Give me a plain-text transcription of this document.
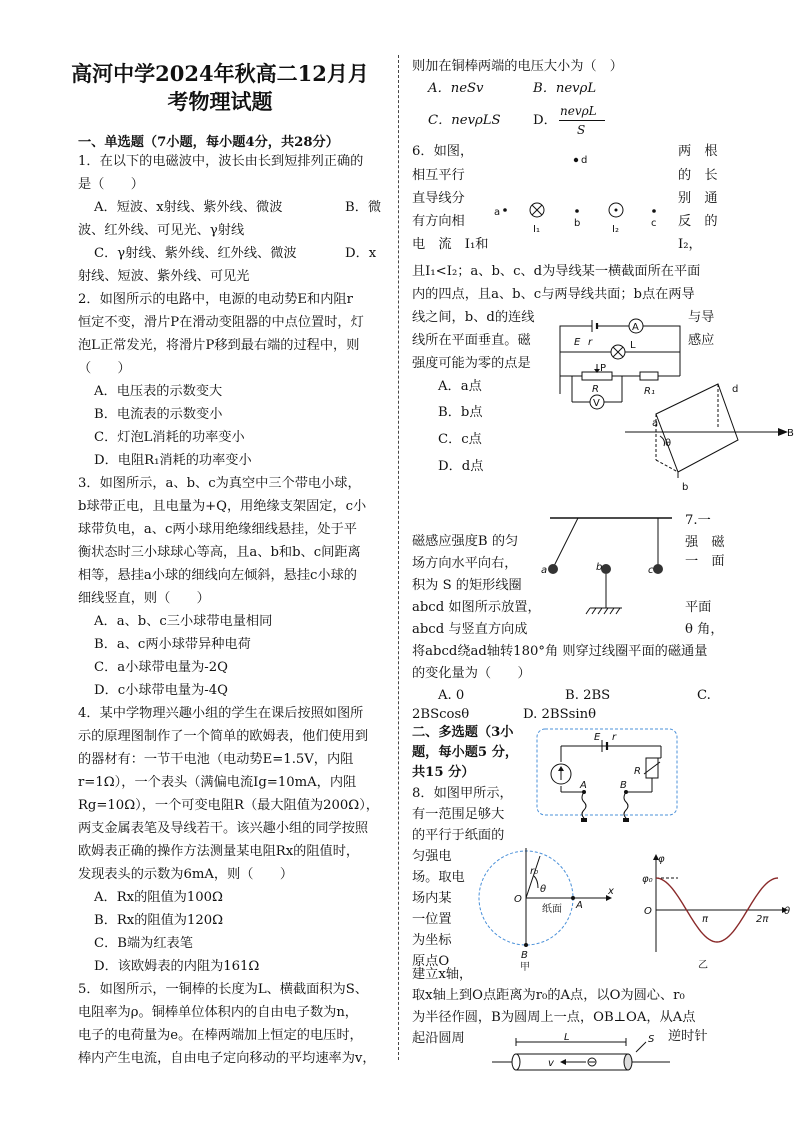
高河中学2024年秋高二12月月
考物理试题
一、单选题（7小题，每小题4分，共28分）
1．在以下的电磁波中，波长由长到短排列正确的
是（　　）
A．短波、x射线、紫外线、微波	B．微
波、红外线、可见光、γ射线
C．γ射线、紫外线、红外线、微波	D．x
射线、短波、紫外线、可见光
2．如图所示的电路中，电源的电动势E和内阻r
恒定不变，滑片P在滑动变阻器的中点位置时，灯
泡L正常发光，将滑片P移到最右端的过程中，则
（　　）
A．电压表的示数变大
B．电流表的示数变小
C．灯泡L消耗的功率变小
D．电阻R₁消耗的功率变小
3．如图所示，a、b、c为真空中三个带电小球，
b球带正电，且电量为+Q，用绝缘支架固定，c小
球带负电，a、c两小球用绝缘细线悬挂，处于平
衡状态时三小球球心等高，且a、b和b、c间距离
相等，悬挂a小球的细线向左倾斜，悬挂c小球的
细线竖直，则（　　）
A．a、b、c三小球带电量相同
B．a、c两小球带异种电荷
C．a小球带电量为-2Q
D．c小球带电量为-4Q
4．某中学物理兴趣小组的学生在课后按照如图所
示的原理图制作了一个简单的欧姆表，他们使用到
的器材有：一节干电池（电动势E=1.5V，内阻
r=1Ω），一个表头（满偏电流Ig=10mA，内阻
Rg=10Ω），一个可变电阻R（最大阻值为200Ω），
两支金属表笔及导线若干。该兴趣小组的同学按照
欧姆表正确的操作方法测量某电阻Rx的阻值时，
发现表头的示数为6mA，则（　　）
A．Rx的阻值为100Ω
B．Rx的阻值为120Ω
C．B端为红表笔
D．该欧姆表的内阻为161Ω
5．如图所示，一铜棒的长度为L、横截面积为S、
电阻率为ρ。铜棒单位体积内的自由电子数为n，
电子的电荷量为e。在棒两端加上恒定的电压时，
棒内产生电流，自由电子定向移动的平均速率为v，
则加在铜棒两端的电压大小为（　）
A．neSv	B．nevρL
C．nevρLS D．
nevρL
S
6．如图，	两　根
相互平行	的　长
直导线分	别　通
有方向相	反　的
电　流　I₁和	I₂，
且I₁<I₂；a、b、c、d为导线某一横截面所在平面
内的四点，且a、b、c与两导线共面；b点在两导
线之间，b、d的连线	与导
线所在平面垂直。磁	感应
强度可能为零的点是
A．a点
B．b点
C．c点
D．d点
7.一
强　磁
一　面
磁感应强度B 的匀
场方向水平向右，
积为 S 的矩形线圈
abcd 如图所示放置，	平面
abcd 与竖直方向成	θ 角，
将abcd绕ad轴转180°角 则穿过线圈平面的磁通量
的变化量为（　　）
A. 0	B. 2BS	C.
2BScosθ	D. 2BSsinθ
二、多选题（3小
题，每小题5 分，
共15 分）
8．如图甲所示，
有一范围足够大
的平行于纸面的
匀强电
场。取电
场内某
一位置
为坐标
原点O
建立x轴，
取x轴上到O点距离为r₀的A点，以O为圆心、r₀
为半径作圆，B为圆周上一点，OB⊥OA，从A点
起沿圆周	逆时针
d
a
I₁
b
I₂
c
E r
A
L
P
R	R₁
V
B
a
θ
d
b
a	b	c
E r
R
A	B
r₀
θ
O
x
纸面 A
B
甲
φ
φ₀
O
π	2π
θ
乙
L
v
S
